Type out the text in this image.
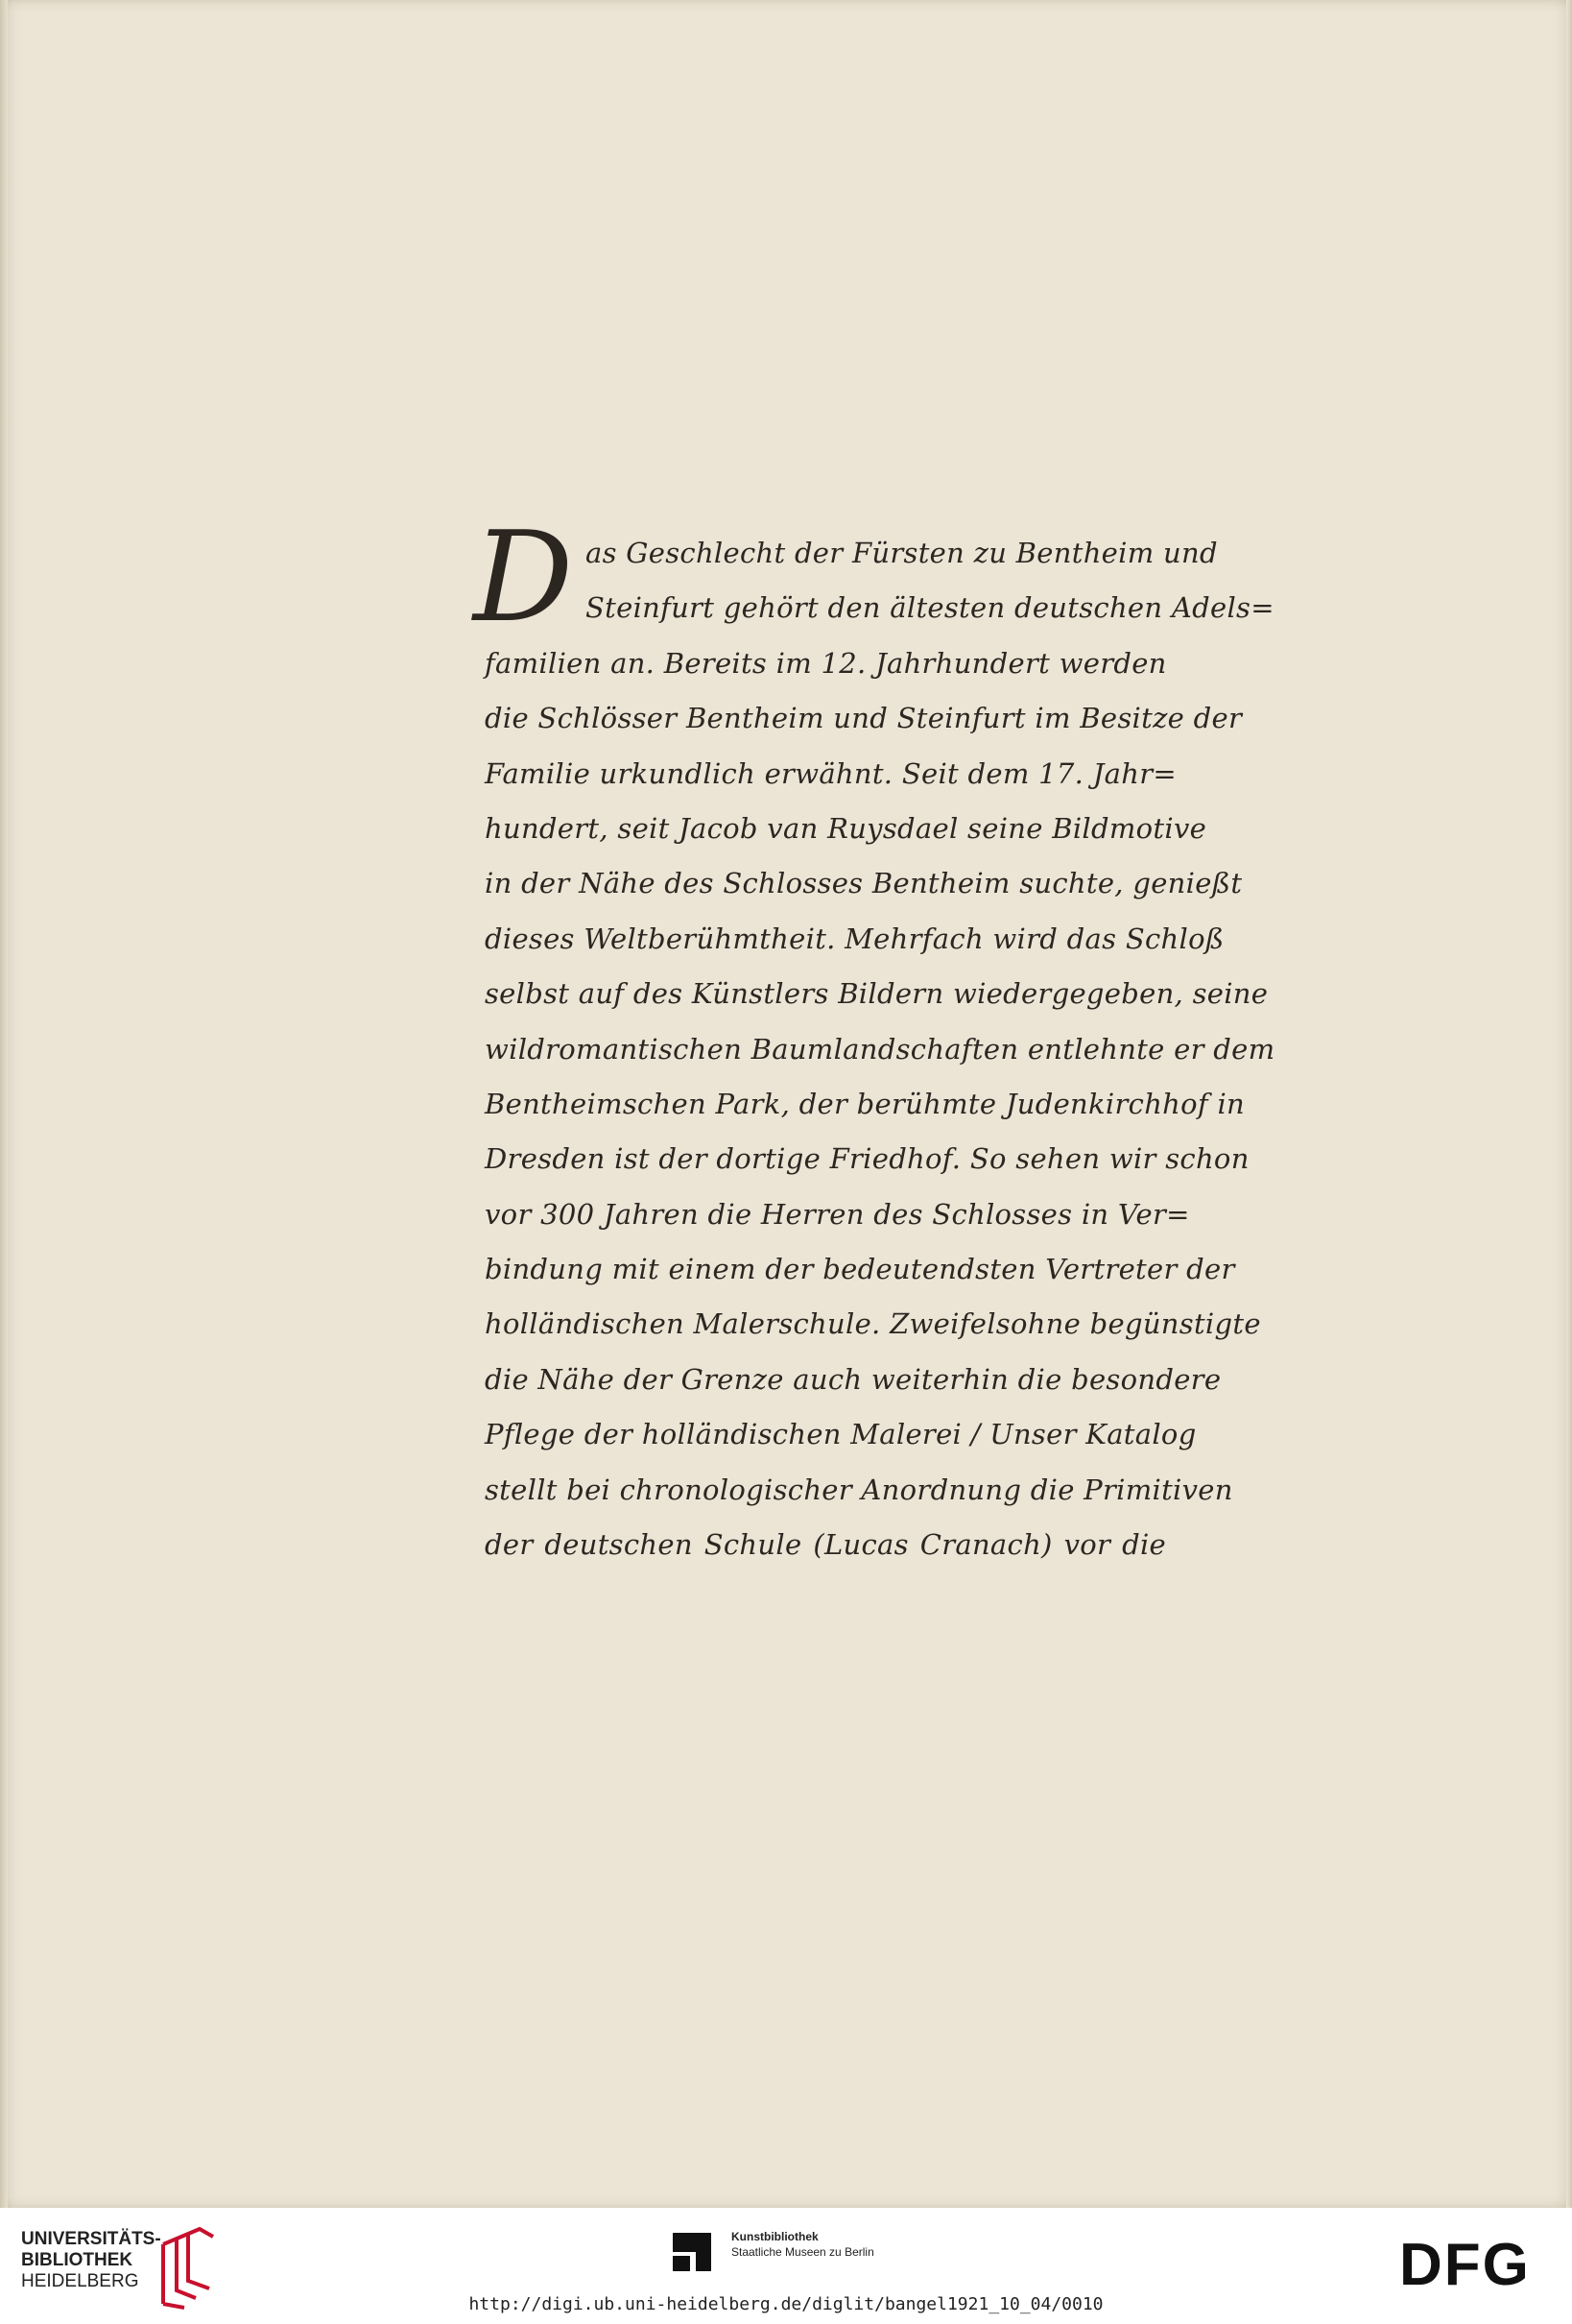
D as Geschlecht der Fürsten zu Bentheim und
Steinfurt gehört den ältesten deutschen Adels=
familien an. Bereits im 12. Jahrhundert werden
die Schlösser Bentheim und Steinfurt im Besitze der
Familie urkundlich erwähnt. Seit dem 17. Jahr=
hundert, seit Jacob van Ruysdael seine Bildmotive
in der Nähe des Schlosses Bentheim suchte, genießt
dieses Weltberühmtheit. Mehrfach wird das Schloß
selbst auf des Künstlers Bildern wiedergegeben, seine
wildromantischen Baumlandschaften entlehnte er dem
Bentheimschen Park, der berühmte Judenkirchhof in
Dresden ist der dortige Friedhof. So sehen wir schon
vor 300 Jahren die Herren des Schlosses in Ver=
bindung mit einem der bedeutendsten Vertreter der
holländischen Malerschule. Zweifelsohne begünstigte
die Nähe der Grenze auch weiterhin die besondere
Pflege der holländischen Malerei / Unser Katalog
stellt bei chronologischer Anordnung die Primitiven
der deutschen Schule (Lucas Cranach) vor die
UNIVERSITÄTS-
BIBLIOTHEK
HEIDELBERG
Kunstbibliothek
Staatliche Museen zu Berlin	DFG
http://digi.ub.uni-heidelberg.de/diglit/bangel1921_10_04/0010
